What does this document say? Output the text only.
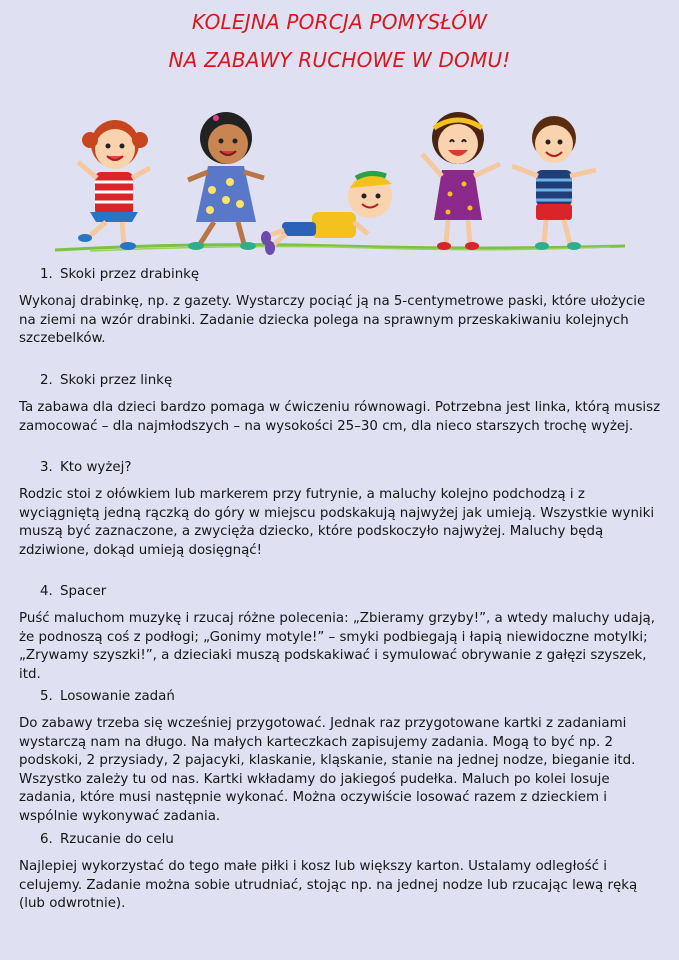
KOLEJNA PORCJA POMYSŁÓW
NA ZABAWY RUCHOWE W DOMU!
1. Skoki przez drabinkę

Wykonaj drabinkę, np. z gazety. Wystarczy pociąć ją na 5-centymetrowe paski, które ułożycie na ziemi na wzór drabinki. Zadanie dziecka polega na sprawnym przeskakiwaniu kolejnych szczebelków.

2. Skoki przez linkę

Ta zabawa dla dzieci bardzo pomaga w ćwiczeniu równowagi. Potrzebna jest linka, którą musisz zamocować – dla najmłodszych – na wysokości 25–30 cm, dla nieco starszych trochę wyżej.

3. Kto wyżej?

Rodzic stoi z ołówkiem lub markerem przy futrynie, a maluchy kolejno podchodzą i z wyciągniętą jedną rączką do góry w miejscu podskakują najwyżej jak umieją. Wszystkie wyniki muszą być zaznaczone, a zwycięża dziecko, które podskoczyło najwyżej. Maluchy będą zdziwione, dokąd umieją dosięgnąć!

4. Spacer

Puść maluchom muzykę i rzucaj różne polecenia: „Zbieramy grzyby!”, a wtedy maluchy udają, że podnoszą coś z podłogi; „Gonimy motyle!” – smyki podbiegają i łapią niewidoczne motylki; „Zrywamy szyszki!”, a dzieciaki muszą podskakiwać i symulować obrywanie z gałęzi szyszek, itd.

5. Losowanie zadań

Do zabawy trzeba się wcześniej przygotować. Jednak raz przygotowane kartki z zadaniami wystarczą nam na długo. Na małych karteczkach zapisujemy zadania. Mogą to być np. 2 podskoki, 2 przysiady, 2 pajacyki, klaskanie, kląskanie, stanie na jednej nodze, bieganie itd. Wszystko zależy tu od nas. Kartki wkładamy do jakiegoś pudełka. Maluch po kolei losuje zadania, które musi następnie wykonać. Można oczywiście losować razem z dzieckiem i wspólnie wykonywać zadania.

6. Rzucanie do celu

Najlepiej wykorzystać do tego małe piłki i kosz lub większy karton. Ustalamy odległość i celujemy. Zadanie można sobie utrudniać, stojąc np. na jednej nodze lub rzucając lewą ręką (lub odwrotnie).
